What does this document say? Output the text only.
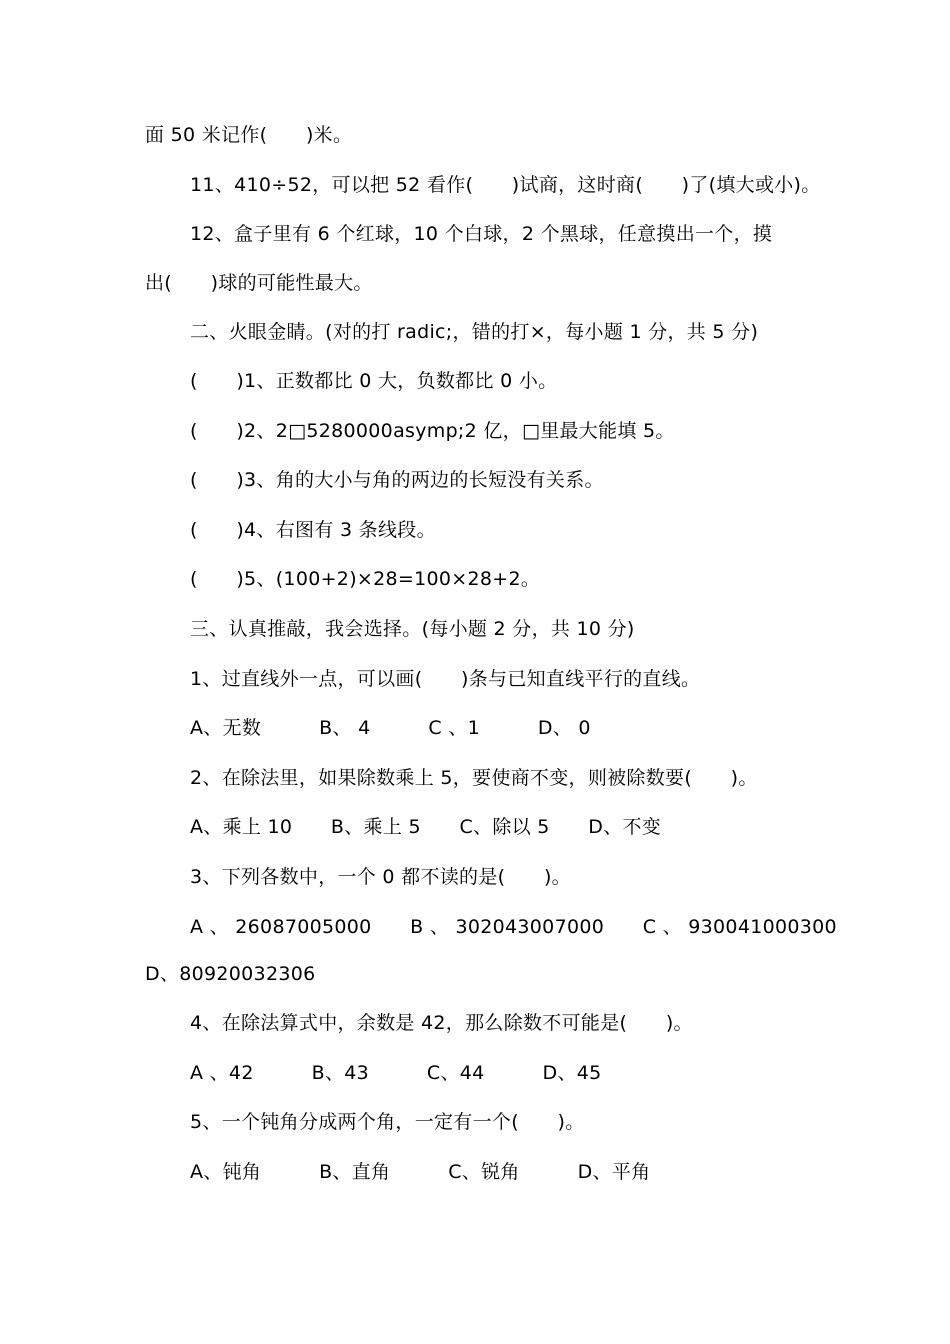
面 50 米记作(　　)米。
11、410÷52，可以把 52 看作(　　)试商，这时商(　　)了(填大或小)。
12、盒子里有 6 个红球，10 个白球，2 个黑球，任意摸出一个，摸
出(　　)球的可能性最大。
二、火眼金睛。(对的打 radic;，错的打×，每小题 1 分，共 5 分)
(　　)1、正数都比 0 大，负数都比 0 小。
(　　)2、2□5280000asymp;2 亿，□里最大能填 5。
(　　)3、角的大小与角的两边的长短没有关系。
(　　)4、右图有 3 条线段。
(　　)5、(100+2)×28=100×28+2。
三、认真推敲，我会选择。(每小题 2 分，共 10 分)
1、过直线外一点，可以画(　　)条与已知直线平行的直线。
A、无数　　　B、 4　　　C 、1　　　D、 0
2、在除法里，如果除数乘上 5，要使商不变，则被除数要(　　)。
A、乘上 10　　B、乘上 5　　C、除以 5　　D、不变
3、下列各数中，一个 0 都不读的是(　　)。
A 、 26087005000　　B 、 302043007000　　C 、 930041000300
D、80920032306
4、在除法算式中，余数是 42，那么除数不可能是(　　)。
A 、42　　　B、43　　　C、44　　　D、45
5、一个钝角分成两个角，一定有一个(　　)。
A、钝角　　　B、直角　　　C、锐角　　　D、平角
